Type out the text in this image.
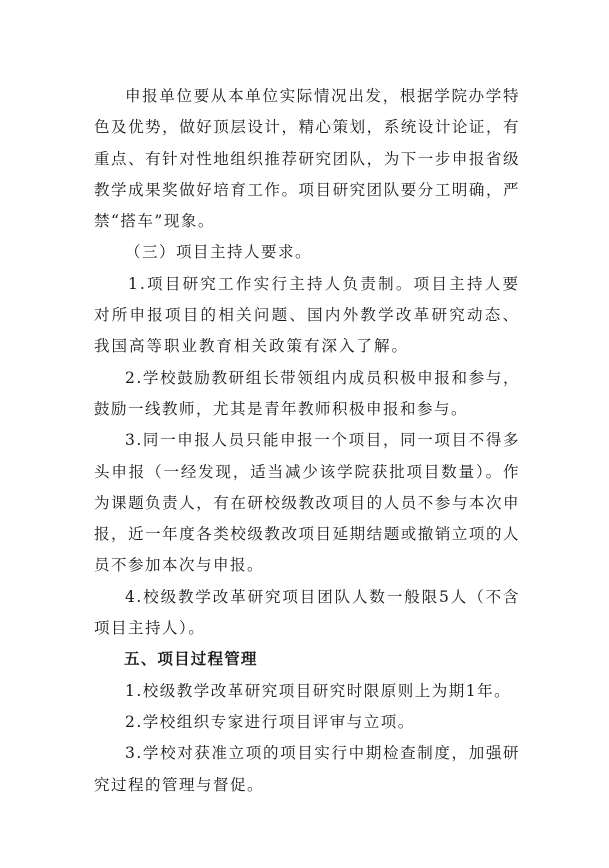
申报单位要从本单位实际情况出发，根据学院办学特色及优势，做好顶层设计，精心策划，系统设计论证，有重点、有针对性地组织推荐研究团队，为下一步申报省级教学成果奖做好培育工作。项目研究团队要分工明确，严禁“搭车”现象。

（三）项目主持人要求。

1.项目研究工作实行主持人负责制。项目主持人要对所申报项目的相关问题、国内外教学改革研究动态、我国高等职业教育相关政策有深入了解。

2.学校鼓励教研组长带领组内成员积极申报和参与，鼓励一线教师，尤其是青年教师积极申报和参与。

3.同一申报人员只能申报一个项目，同一项目不得多头申报（一经发现，适当减少该学院获批项目数量）。作为课题负责人，有在研校级教改项目的人员不参与本次申报，近一年度各类校级教改项目延期结题或撤销立项的人员不参加本次与申报。

4.校级教学改革研究项目团队人数一般限5人（不含项目主持人）。

五、项目过程管理

1.校级教学改革研究项目研究时限原则上为期1年。

2.学校组织专家进行项目评审与立项。

3.学校对获准立项的项目实行中期检查制度，加强研究过程的管理与督促。
